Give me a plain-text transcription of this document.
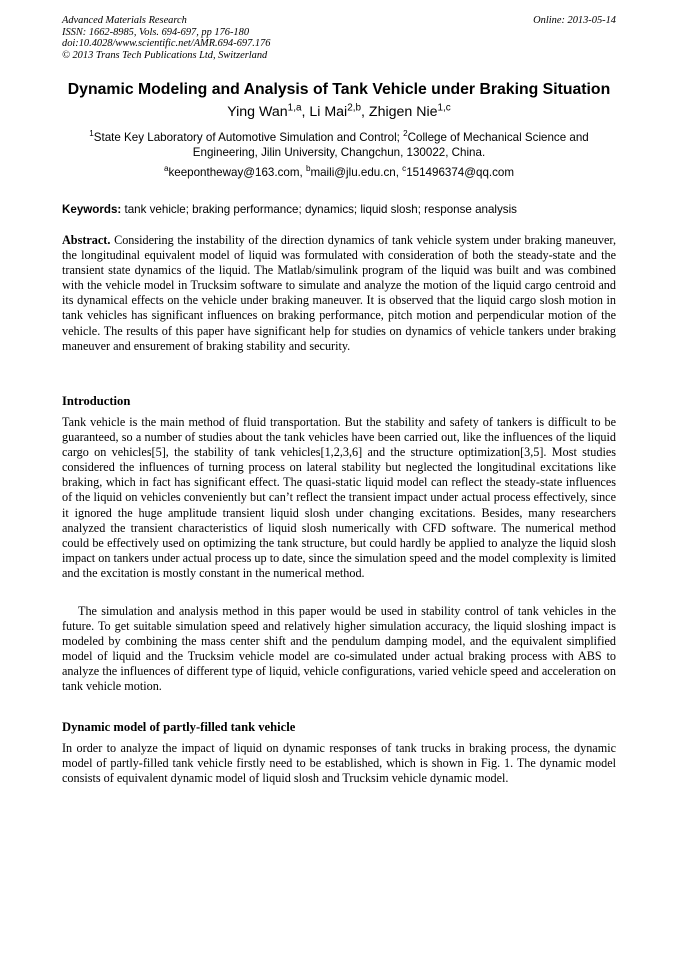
Advanced Materials Research
ISSN: 1662-8985, Vols. 694-697, pp 176-180
doi:10.4028/www.scientific.net/AMR.694-697.176
© 2013 Trans Tech Publications Ltd, Switzerland
Online: 2013-05-14
Dynamic Modeling and Analysis of Tank Vehicle under Braking Situation
Ying Wan$^{1,a}$, Li Mai$^{2,b}$, Zhigen Nie$^{1,c}$
$^1$State Key Laboratory of Automotive Simulation and Control; $^2$College of Mechanical Science and Engineering, Jilin University, Changchun, 130022, China.
$^a$keepontheway@163.com, $^b$maili@jlu.edu.cn, $^c$151496374@qq.com
Keywords: tank vehicle; braking performance; dynamics; liquid slosh; response analysis
Abstract. Considering the instability of the direction dynamics of tank vehicle system under braking maneuver, the longitudinal equivalent model of liquid was formulated with consideration of both the steady-state and the transient state dynamics of the liquid. The Matlab/simulink program of the liquid was built and was combined with the vehicle model in Trucksim software to simulate and analyze the motion of the liquid cargo centroid and its dynamical effects on the vehicle under braking maneuver. It is observed that the liquid cargo slosh motion in tank vehicles has significant influences on braking performance, pitch motion and perpendicular motion of the vehicle. The results of this paper have significant help for studies on dynamics of vehicle tankers under braking maneuver and ensurement of braking stability and security.
Introduction
Tank vehicle is the main method of fluid transportation. But the stability and safety of tankers is difficult to be guaranteed, so a number of studies about the tank vehicles have been carried out, like the influences of the liquid cargo on vehicles[5], the stability of tank vehicles[1,2,3,6] and the structure optimization[3,5]. Most studies considered the influences of turning process on lateral stability but neglected the longitudinal excitations like braking, which in fact has significant effect. The quasi-static liquid model can reflect the steady-state influences of the liquid on vehicles conveniently but can’t reflect the transient impact under actual process effectively, since it ignored the huge amplitude transient liquid slosh under changing excitations. Besides, many researchers analyzed the transient characteristics of liquid slosh numerically with CFD software. The numerical method could be effectively used on optimizing the tank structure, but could hardly be applied to analyze the liquid slosh impact on tankers under actual process up to date, since the simulation speed and the model complexity is limited and the excitation is mostly constant in the numerical method.
The simulation and analysis method in this paper would be used in stability control of tank vehicles in the future. To get suitable simulation speed and relatively higher simulation accuracy, the liquid sloshing impact is modeled by combining the mass center shift and the pendulum damping model, and the equivalent simplified model of liquid and the Trucksim vehicle model are co-simulated under actual braking process with ABS to analyze the influences of different type of liquid, vehicle configurations, varied vehicle speed and acceleration on tank vehicle motion.
Dynamic model of partly-filled tank vehicle
In order to analyze the impact of liquid on dynamic responses of tank trucks in braking process, the dynamic model of partly-filled tank vehicle firstly need to be established, which is shown in Fig. 1. The dynamic model consists of equivalent dynamic model of liquid slosh and Trucksim vehicle dynamic model.
